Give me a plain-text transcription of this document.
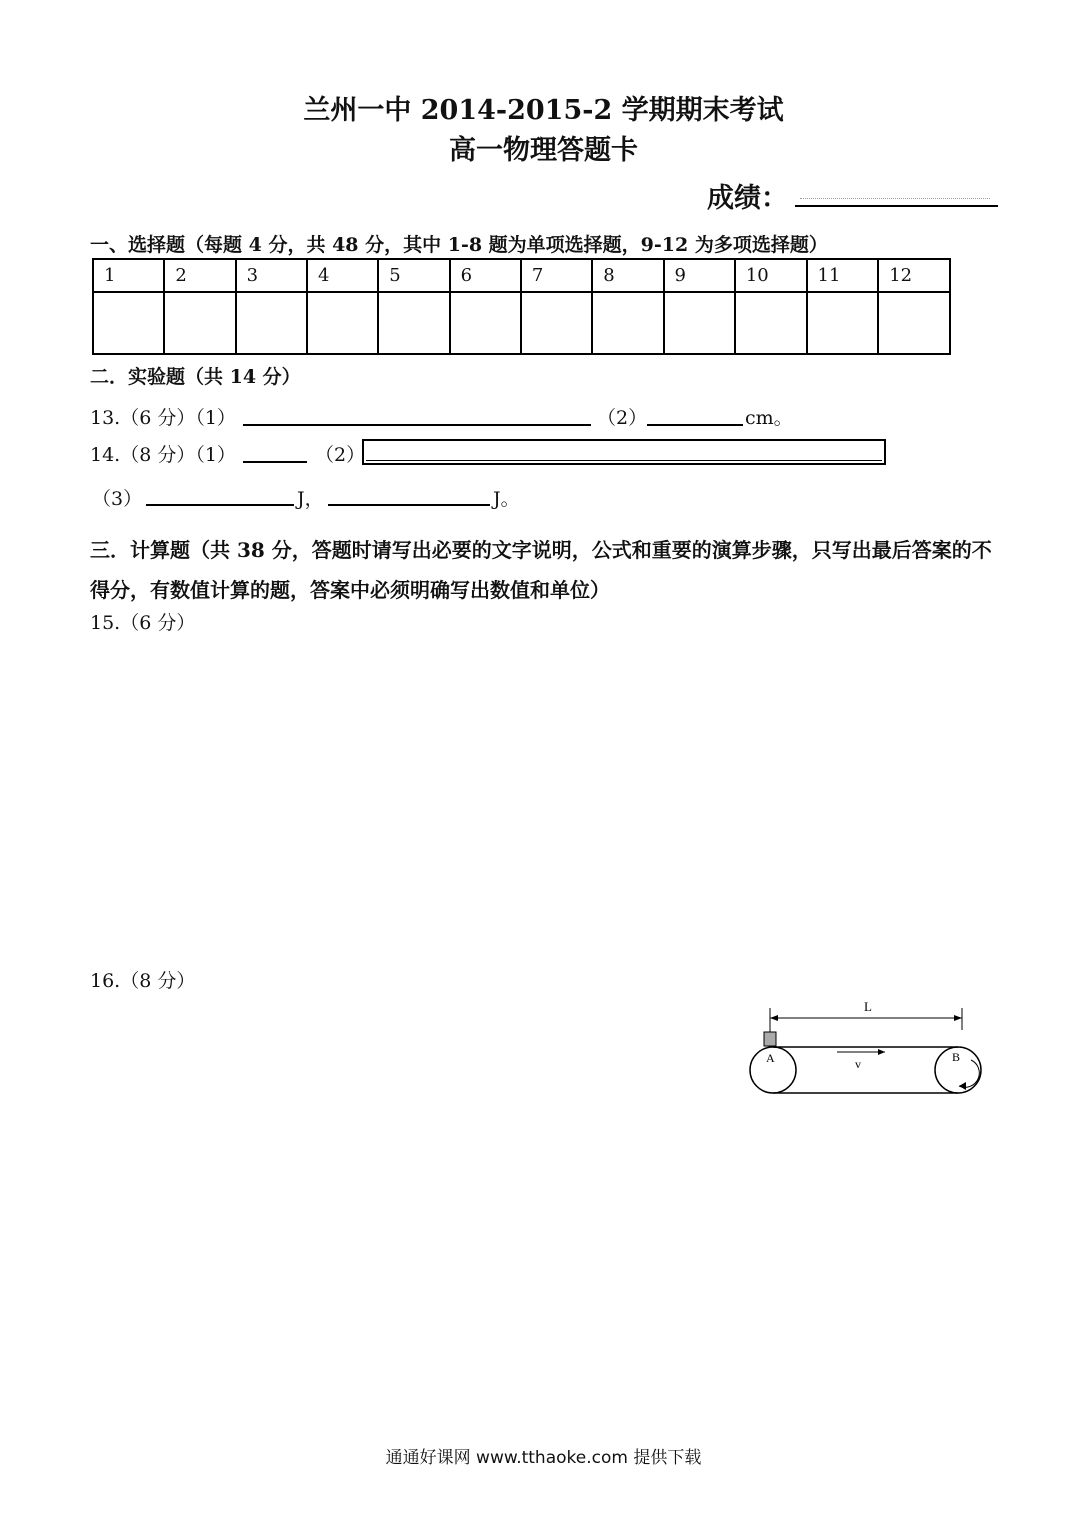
兰州一中 2014-2015-2 学期期末考试
高一物理答题卡
成绩：
一、选择题（每题 4 分，共 48 分，其中 1-8 题为单项选择题，9-12 为多项选择题）
1	2	3	4	5	6	7	8	9	10	11	12

二．实验题（共 14 分）
13.（6 分）（1）	（2）	cm。
14.（8 分）（1）	（2）
（3）	J，	J。
三．计算题（共 38 分，答题时请写出必要的文字说明，公式和重要的演算步骤，只写出最后答案的不得分，有数值计算的题，答案中必须明确写出数值和单位）
15.（6 分）
16.（8 分）
L
A	B
v
通通好课网 www.tthaoke.com 提供下载
